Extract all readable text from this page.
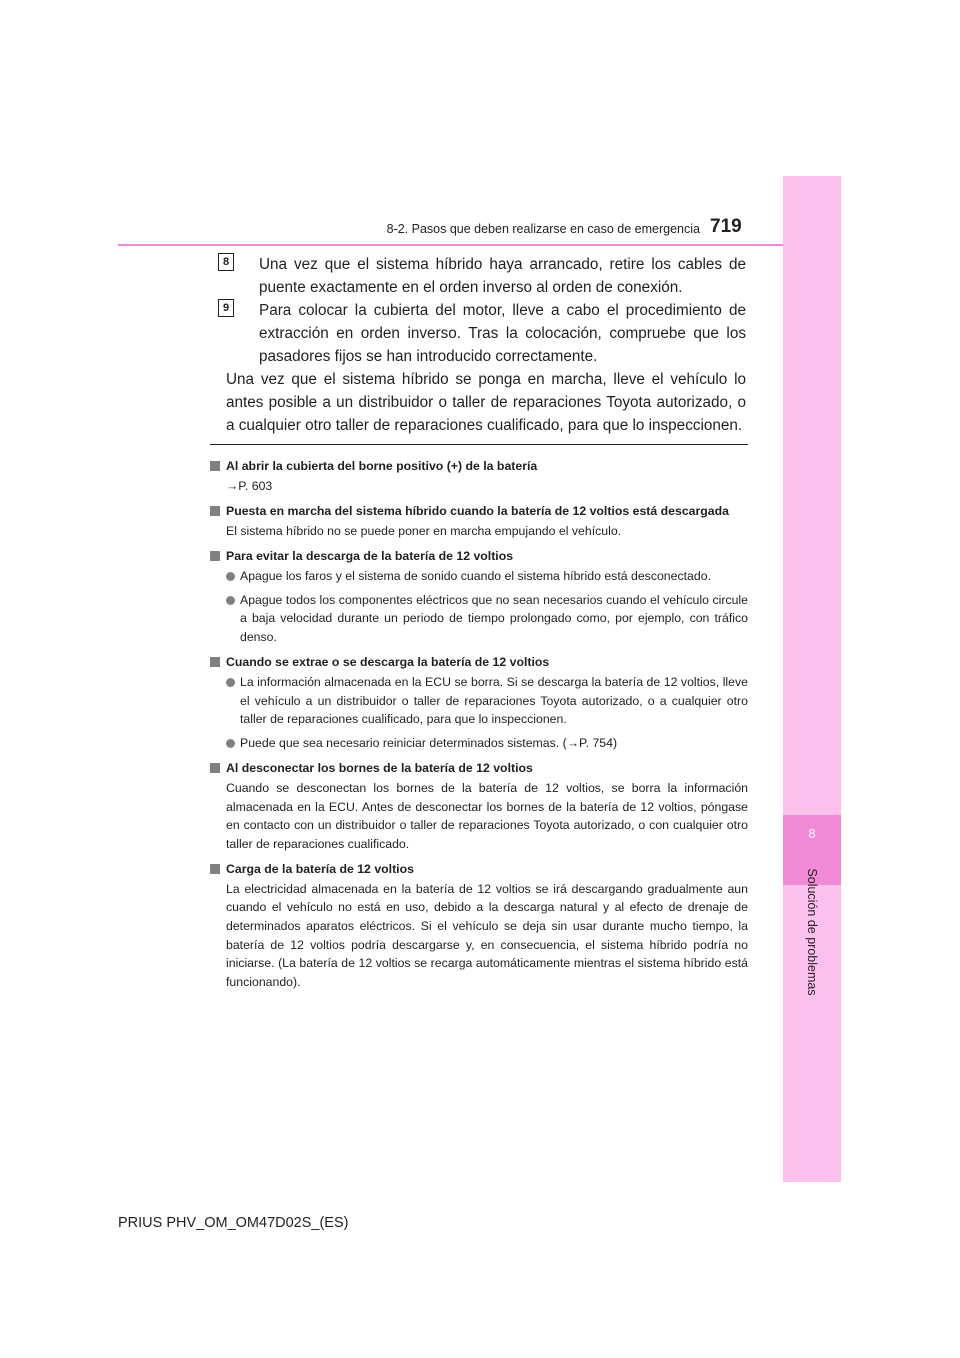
8
Solución de problemas
8-2. Pasos que deben realizarse en caso de emergencia 719
8	Una vez que el sistema híbrido haya arrancado, retire los cables de puente exactamente en el orden inverso al orden de conexión.
9	Para colocar la cubierta del motor, lleve a cabo el procedimiento de extracción en orden inverso. Tras la colocación, compruebe que los pasadores fijos se han introducido correctamente.
Una vez que el sistema híbrido se ponga en marcha, lleve el vehículo lo antes posible a un distribuidor o taller de reparaciones Toyota autorizado, o a cualquier otro taller de reparaciones cualificado, para que lo inspeccionen.
Al abrir la cubierta del borne positivo (+) de la batería
→P. 603
Puesta en marcha del sistema híbrido cuando la batería de 12 voltios está descargada
El sistema híbrido no se puede poner en marcha empujando el vehículo.
Para evitar la descarga de la batería de 12 voltios
Apague los faros y el sistema de sonido cuando el sistema híbrido está desconectado.
Apague todos los componentes eléctricos que no sean necesarios cuando el vehículo circule a baja velocidad durante un periodo de tiempo prolongado como, por ejemplo, con tráfico denso.
Cuando se extrae o se descarga la batería de 12 voltios
La información almacenada en la ECU se borra. Si se descarga la batería de 12 voltios, lleve el vehículo a un distribuidor o taller de reparaciones Toyota autorizado, o a cualquier otro taller de reparaciones cualificado, para que lo inspeccionen.
Puede que sea necesario reiniciar determinados sistemas. (→P. 754)
Al desconectar los bornes de la batería de 12 voltios
Cuando se desconectan los bornes de la batería de 12 voltios, se borra la información almacenada en la ECU. Antes de desconectar los bornes de la batería de 12 voltios, póngase en contacto con un distribuidor o taller de reparaciones Toyota autorizado, o con cualquier otro taller de reparaciones cualificado.
Carga de la batería de 12 voltios
La electricidad almacenada en la batería de 12 voltios se irá descargando gradualmente aun cuando el vehículo no está en uso, debido a la descarga natural y al efecto de drenaje de determinados aparatos eléctricos. Si el vehículo se deja sin usar durante mucho tiempo, la batería de 12 voltios podría descargarse y, en consecuencia, el sistema híbrido podría no iniciarse. (La batería de 12 voltios se recarga automáticamente mientras el sistema híbrido está funcionando).
PRIUS PHV_OM_OM47D02S_(ES)
